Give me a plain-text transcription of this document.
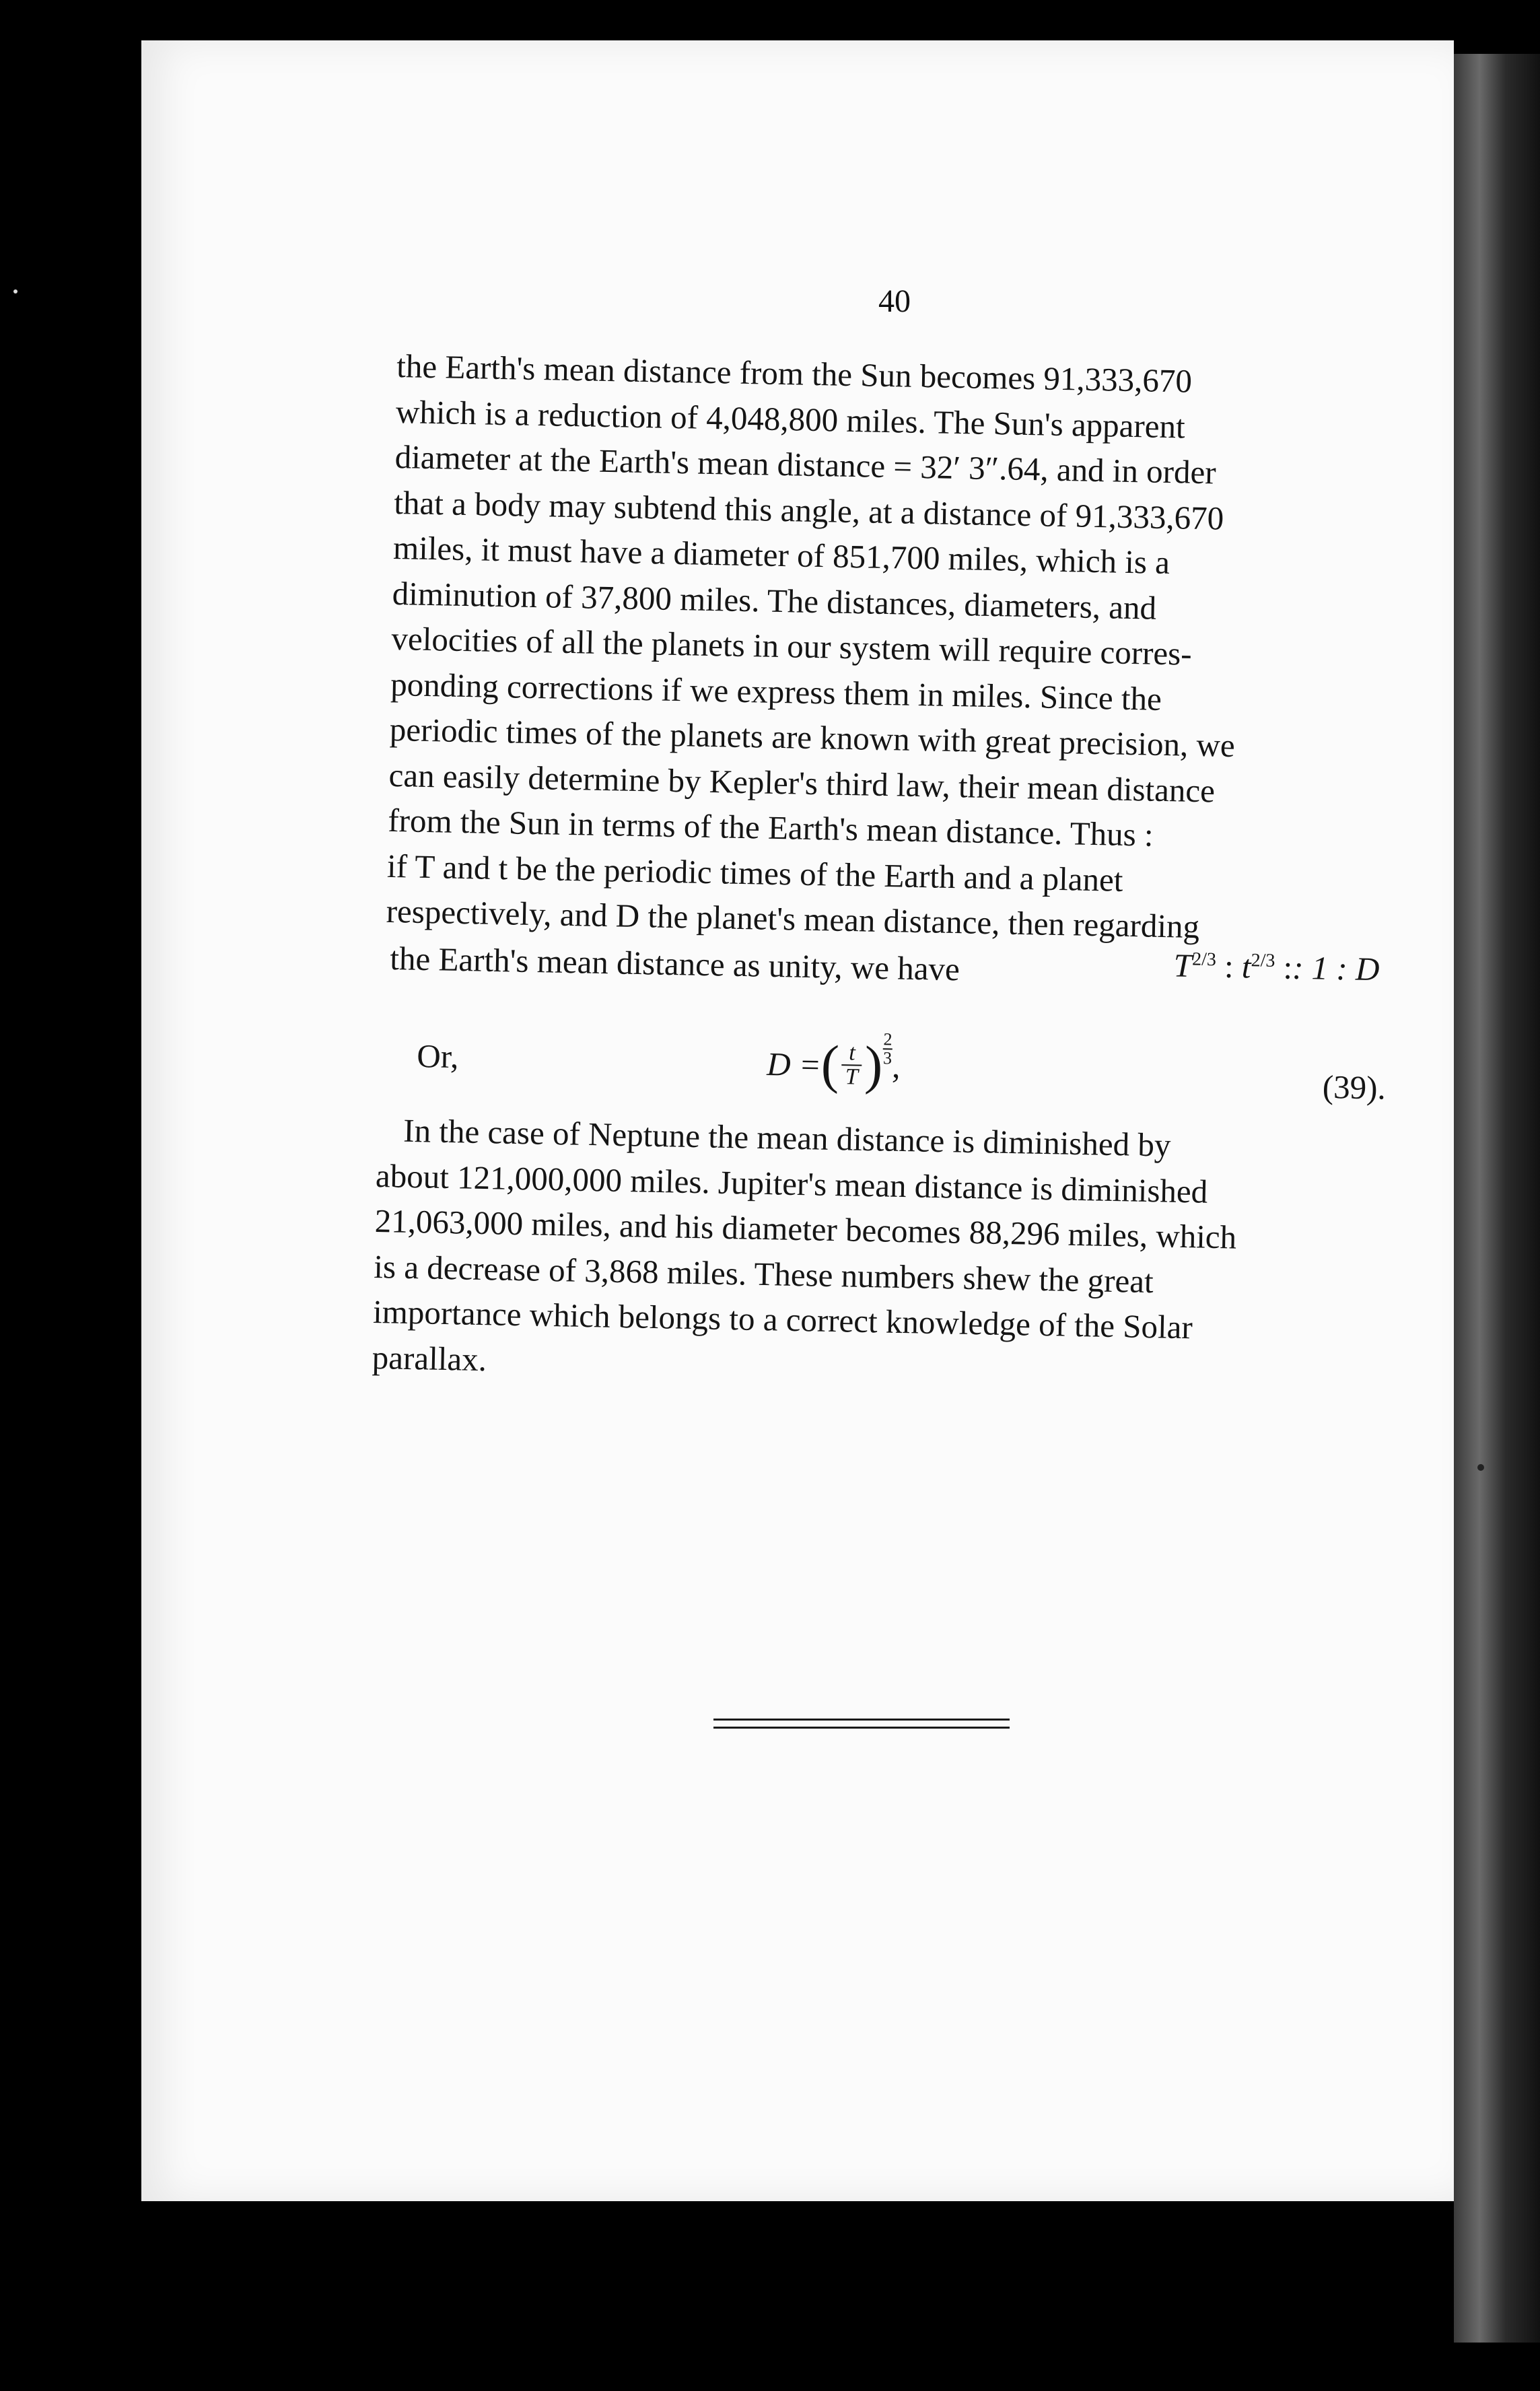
40
the Earth's mean distance from the Sun becomes 91,333,670
which is a reduction of 4,048,800 miles. The Sun's apparent
diameter at the Earth's mean distance = 32′ 3″.64, and in order
that a body may subtend this angle, at a distance of 91,333,670
miles, it must have a diameter of 851,700 miles, which is a
diminution of 37,800 miles. The distances, diameters, and
velocities of all the planets in our system will require corres-
ponding corrections if we express them in miles. Since the
periodic times of the planets are known with great precision, we
can easily determine by Kepler's third law, their mean distance
from the Sun in terms of the Earth's mean distance. Thus :
if T and t be the periodic times of the Earth and a planet
respectively, and D the planet's mean distance, then regarding
the Earth's mean distance as unity, we have	$T^{2/3}$ : $t^{2/3}$ :: 1 : D
Or,	D =
( $\frac{t}{T}$ ) 2
3 ,
(39).
In the case of Neptune the mean distance is diminished by
about 121,000,000 miles. Jupiter's mean distance is diminished
21,063,000 miles, and his diameter becomes 88,296 miles, which
is a decrease of 3,868 miles. These numbers shew the great
importance which belongs to a correct knowledge of the Solar
parallax.
